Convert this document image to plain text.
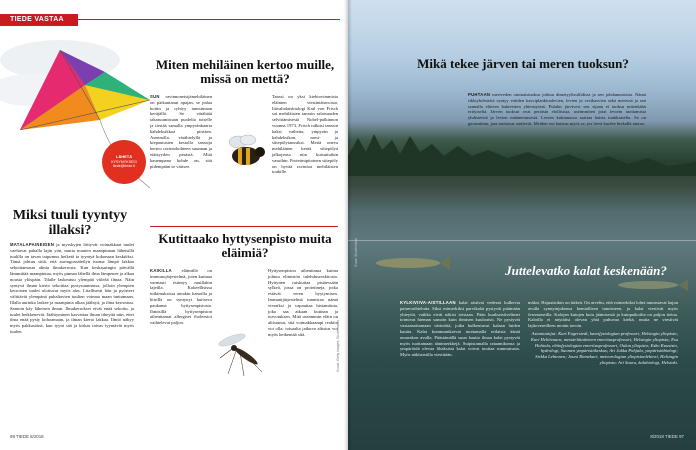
TIEDE VASTAA
LÄHETÄ
KYSYMYKSESI
tiede@tiede.fi
Miksi tuuli tyyntyy illaksi?
MATALAPAINEIDEN ja myrskyjen liittyvät voimakkaat tuulet vaeltavat pahalla lajin yön, mutta muuten maanpinnan läheisillä tuulilla on tavan taipumus heiketä ta tyyntyä kokonaan keskiöksi. Tämä johtuu siitä, että auringonsäteilyn tuoma lämpö lakkaa sekoittamasta alinta ilmakerrosta. Kun keskauringin päivällä lämmittää maanpintaa, myös pinnan lähellä ilma lämpenee ja alkaa nousta ylöspäin. Tilalle laskeutuu ylempää viileää ilmaa. Näin syntyvä ilman kierto sekoittaa pystysuunnassa, jolloin ylempien kerrosten tuulet ulottuvat myös alas. Liiallisesti hän ja pyörteet välittävät ylempänä puhaltavien tuulten voimaa maan tuntumaan. Illalla aurinko laskee ja maanpinta alkaa jäähtyä, ja ilma kerrostuu. Samoin käy läheisen ilman. Ilmakerrokset eivät enää sekoitu, ja tuulet heikkenevät. Jäähtyminen kasvattaa ilman tiheyttä niin, ettei ilma enää pysty kohoamaan, ja ilman kierto lakkaa. Ilmiö näkyy myös pakkasöinä, kun tyyni sää ja kirkas taivas tyyntävät myös tuulen.
Miten mehiläinen kertoo muille, missä on mettä?
SUN ravinnonetsijämehiläinen on paikantanut apajan, se palaa kotiin ja ryhtyy tanssimaan keräjällä. Se värähtää takaruumistaan puolelta toiselle ja tiertää samalla ympyränkaaria kahdeksikkoa piirtäen. Asennolla, värähtelyllä ja kiepautusten kestolla tanssija kertoo ravintokohteen suunnan ja etäisyyden pesästä. Mitä kauempana kohde on, sitä pidempään se värisee.
Tanssi on yksi kiehtovimmista eläinten viestintätavoista. Itävaltalaisbiologi Karl von Frisch sai mehiläisten tanssin salaisuuden selvittämisestä Nobel-palkinnon vuonna 1973. Frisch tulkitsi tanssin kaksi vaihetta, ympyrän ja kahdeksikon, mesi- ja siitepölytanssiksi. Mettä oneva mehiläinen kerää siitepölyä jalkojensa niin kutsuttuihin vasuihin. Proteiinipitoinen siitepöly on hyvää ravintoa mehiläisten toukille.
Kutittaako hyttysenpisto muita eläimiä?
KAIKILLA eläimillä on immunojärjestelmä, joten kutinaa varmasti esiintyy muillakin lajeilla. Kokeellisissa tutkimuksissa ainakin kanoilla ja hiirillä on syntynyt kutiseva paukama hyttysenpistosta. Ihmisillä hyttysenpiston aiheuttamat allergiset iholeesiot vaihtelevat paljon.
Hyttysenpiston aiheuttama kutina johtuu elimistön tulehdusreaktiosta. Hyttynen ruiskuttaa pistäessään sylkeä, jossa on proteiineja, jotka estävät veren hyytymisen. Immunijärjestelmä tunnistaa nämä vieraiksi ja vapauttaa histamiinia, joka saa aikaan kutinan ja turvotuksen. Mitä useammin eläin on altistunut, sitä voimakkaampi reaktio voi olla; toisaalta jatkuva altistus voi myös heikentää sitä.	Kuvat: Getty Images, Shutterstock
98 TIEDE 8/2018
Mikä tekee järven tai meren tuoksun?
PUHTAAN meriveden ominaistuoksu johtuu dimetyylisulfidista ja sen johdannaisista. Nämä rikkiyhdisteitä syntyy eräiden kasviplanktonlevien, levien ja vesikasvien sekä meressä ja sen rannalla elävien bakteerien yhteistyönä. Puhdas järvivesi sen sijaan ei tuoksu mitenkään erityiseltä. Järven tuoksut ovat peräisin elollisista, useimmiten jotai leviein tuottamista yhdisteistä ja levien mätänemisestä. Levien kukinnassa saattaa haista tunkkaiselta. Se on geosmiinia, jota tuottavat sinilevät. Meiden voi haistaa myös se, jos lievä kuolee hiekallä rantaa.
Kuva: Shutterstock
Juttelevatko kalat keskenään?
KYLKIVIIVA-AISTILLAAN kalat aistivat vedessä kulkevia painevaihteluita. Siksi esimerkiksi parvikalat pystyvät pitämään yhteyttä, vaikka eivät näkisi toisiaan. Pään kuuloaistivelimet toimivat hieman samoin kuin ihmisen kuuloaisti. Ne pystyvät vastaanottamaan värinöitä, jotka kulkeutuvat kalaan luiden kautta. Kalat kommunikoivat tuottamalla erilaisia ääniä umarakon avulla. Päästämällä suun kautta ilmaa kalat pystyvät myös tuottamaan äänimerkkejä. Suipistamalla rataamikonsa ja ympäröidä olevaa lihaksista kalat voivat tuottaa rummutusta. Myös näköaistilla viestitään.
mäksi. Hajuaistikin on tärkeä. On arveltu, että esimerkiksi lohet tunnistavat hajun avulla synnyinjokensa kemiallisen tunnisteen, ja kalat viestivät myös feromoneilla. Kalojen kutujen kutu jäämisestä ja kutupaikoilta on paljon tietoa. Kaloilla ei näyttäisi olevan yhtä puhuvaa kieltä, mutta ne viestivät lajitovereilleen monin tavoin.
Asiantuntijat: Kurt Fagerstedt, kasvifysiologian professori, Helsingin yliopisto; Kari Heliövaara, metsäeläintieteen emeritusprofessori, Helsingin yliopisto; Esa Hohtola, eläinfysiologian emeritusprofessori, Oulun yliopisto; Esko Kuusisto, hydrologi, Suomen ympäristökeskus; Ari Jukka Pohjala, ympäristöbiologi; Sirkka Lehtonen; Jouni Rinnekari, meteorologian yliopistonlehtori, Helsingin yliopisto; Ari Saura, kalabiologi, Helsinki.
8/2018 TIEDE 97
